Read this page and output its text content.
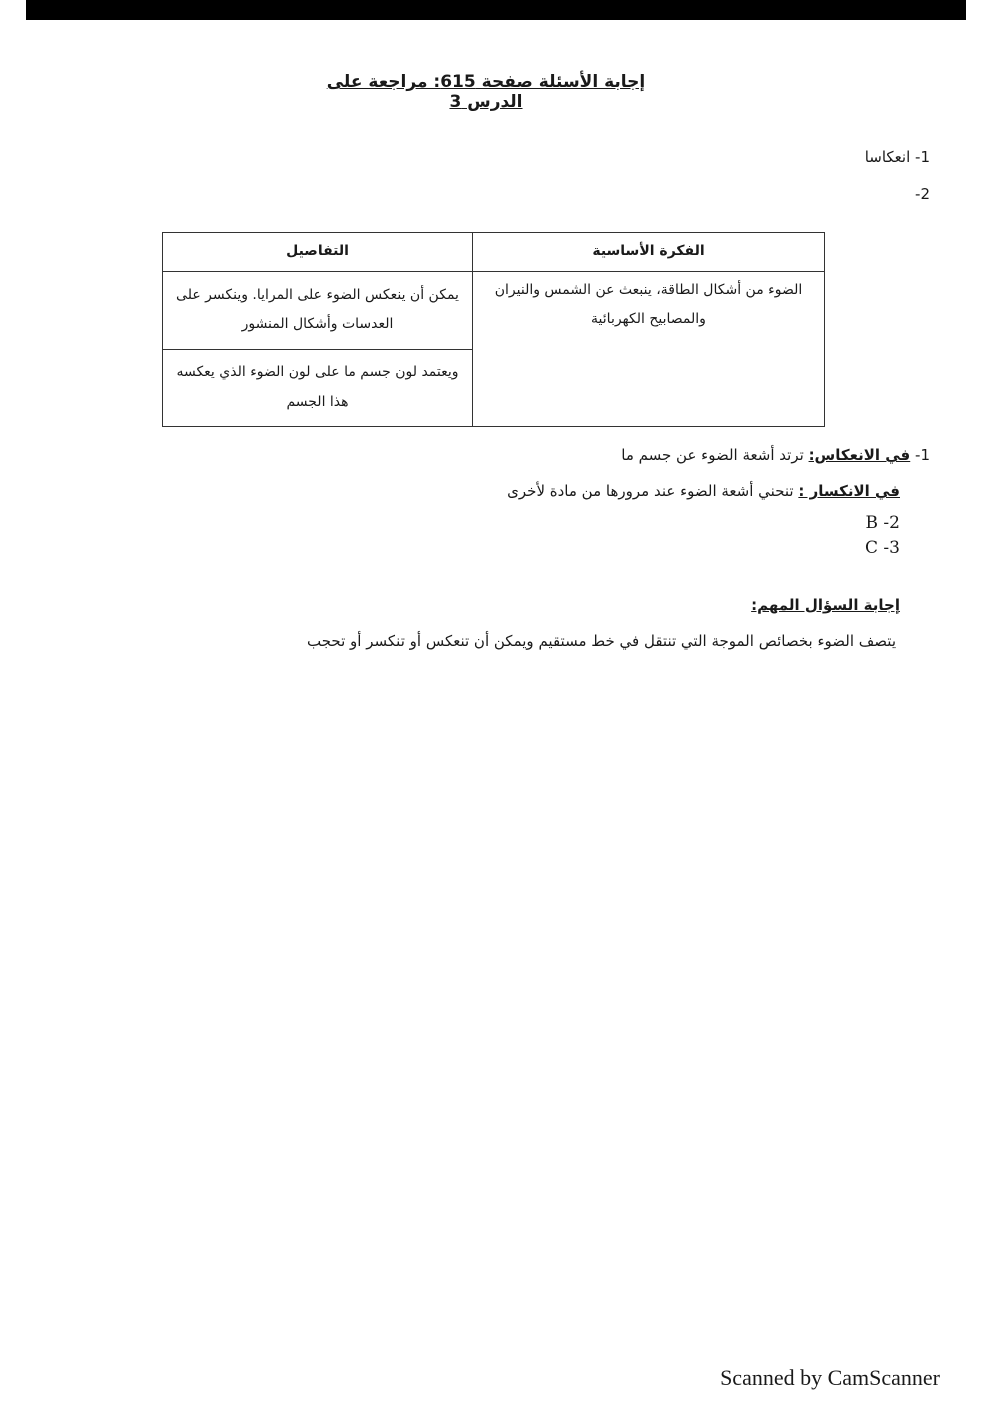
إجابة الأسئلة صفحة 615: مراجعة على الدرس 3
1- انعكاسا
2-
الفكرة الأساسية	التفاصيل
الضوء من أشكال الطاقة، ينبعث عن الشمس والنيران والمصابيح الكهربائية	يمكن أن ينعكس الضوء على المرايا. وينكسر على العدسات وأشكال المنشور
	ويعتمد لون جسم ما على لون الضوء الذي يعكسه هذا الجسم
1- في الانعكاس: ترتد أشعة الضوء عن جسم ما
في الانكسار : تنحني أشعة الضوء عند مرورها من مادة لأخرى
B -2
C -3
إجابة السؤال المهم:
يتصف الضوء بخصائص الموجة التي تنتقل في خط مستقيم ويمكن أن تنعكس أو تنكسر أو تحجب
Scanned by CamScanner
